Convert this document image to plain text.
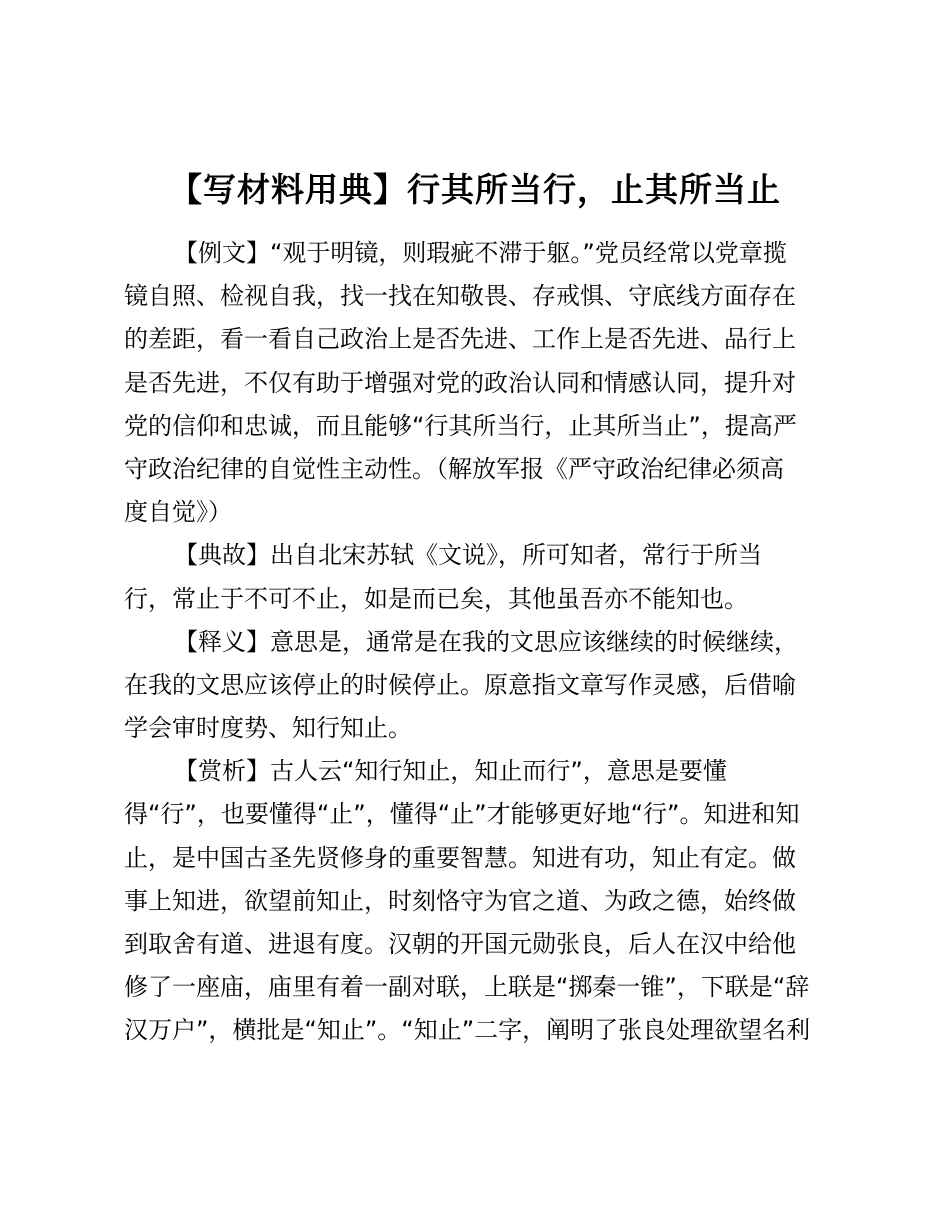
【写材料用典】行其所当行，止其所当止
【例文】“观于明镜，则瑕疵不滞于躯。”党员经常以党章揽
镜自照、检视自我，找一找在知敬畏、存戒惧、守底线方面存在
的差距，看一看自己政治上是否先进、工作上是否先进、品行上
是否先进，不仅有助于增强对党的政治认同和情感认同，提升对
党的信仰和忠诚，而且能够“行其所当行，止其所当止”，提高严
守政治纪律的自觉性主动性。（解放军报《严守政治纪律必须高
度自觉》）
【典故】出自北宋苏轼《文说》，所可知者，常行于所当
行，常止于不可不止，如是而已矣，其他虽吾亦不能知也。
【释义】意思是，通常是在我的文思应该继续的时候继续，
在我的文思应该停止的时候停止。原意指文章写作灵感，后借喻
学会审时度势、知行知止。
【赏析】古人云“知行知止，知止而行”，意思是要懂
得“行”，也要懂得“止”，懂得“止”才能够更好地“行”。知进和知
止，是中国古圣先贤修身的重要智慧。知进有功，知止有定。做
事上知进，欲望前知止，时刻恪守为官之道、为政之德，始终做
到取舍有道、进退有度。汉朝的开国元勋张良，后人在汉中给他
修了一座庙，庙里有着一副对联，上联是“掷秦一锥”，下联是“辞
汉万户”，横批是“知止”。“知止”二字，阐明了张良处理欲望名利
